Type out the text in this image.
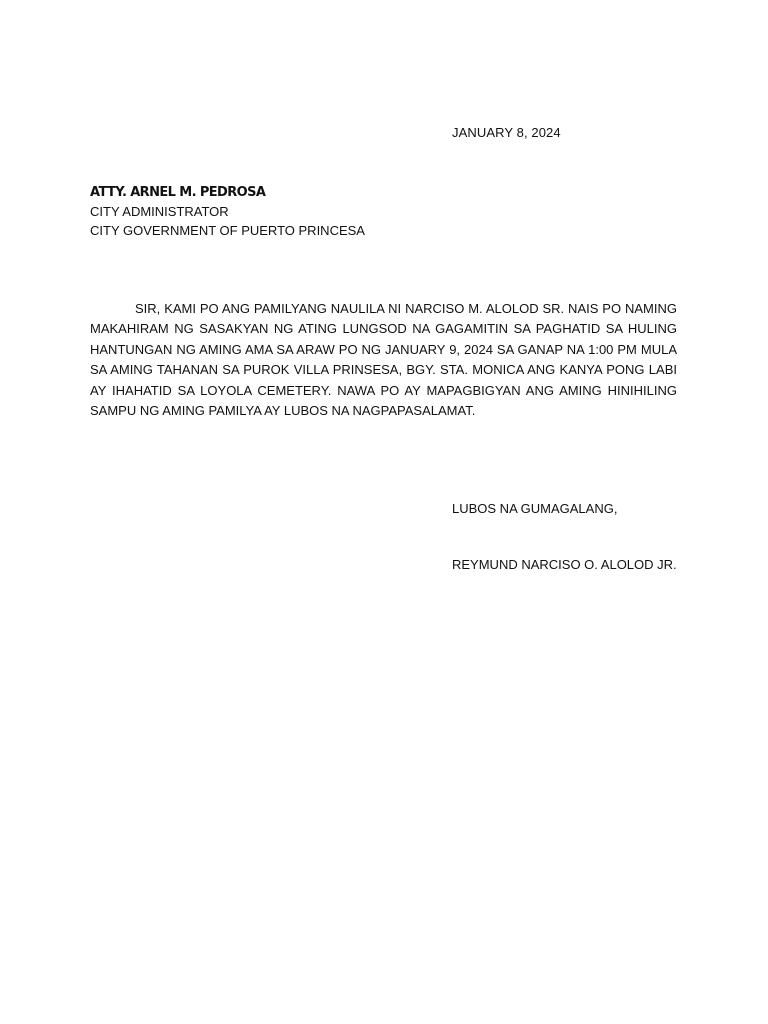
JANUARY 8, 2024
ATTY. ARNEL M. PEDROSA
CITY ADMINISTRATOR
CITY GOVERNMENT OF PUERTO PRINCESA

SIR, KAMI PO ANG PAMILYANG NAULILA NI NARCISO M. ALOLOD SR. NAIS PO NAMING MAKAHIRAM NG SASAKYAN NG ATING LUNGSOD NA GAGAMITIN SA PAGHATID SA HULING HANTUNGAN NG AMING AMA SA ARAW PO NG JANUARY 9, 2024 SA GANAP NA 1:00 PM MULA SA AMING TAHANAN SA PUROK VILLA PRINSESA, BGY. STA. MONICA ANG KANYA PONG LABI AY IHAHATID SA LOYOLA CEMETERY. NAWA PO AY MAPAGBIGYAN ANG AMING HINIHILING SAMPU NG AMING PAMILYA AY LUBOS NA NAGPAPASALAMAT.

LUBOS NA GUMAGALANG,
REYMUND NARCISO O. ALOLOD JR.
